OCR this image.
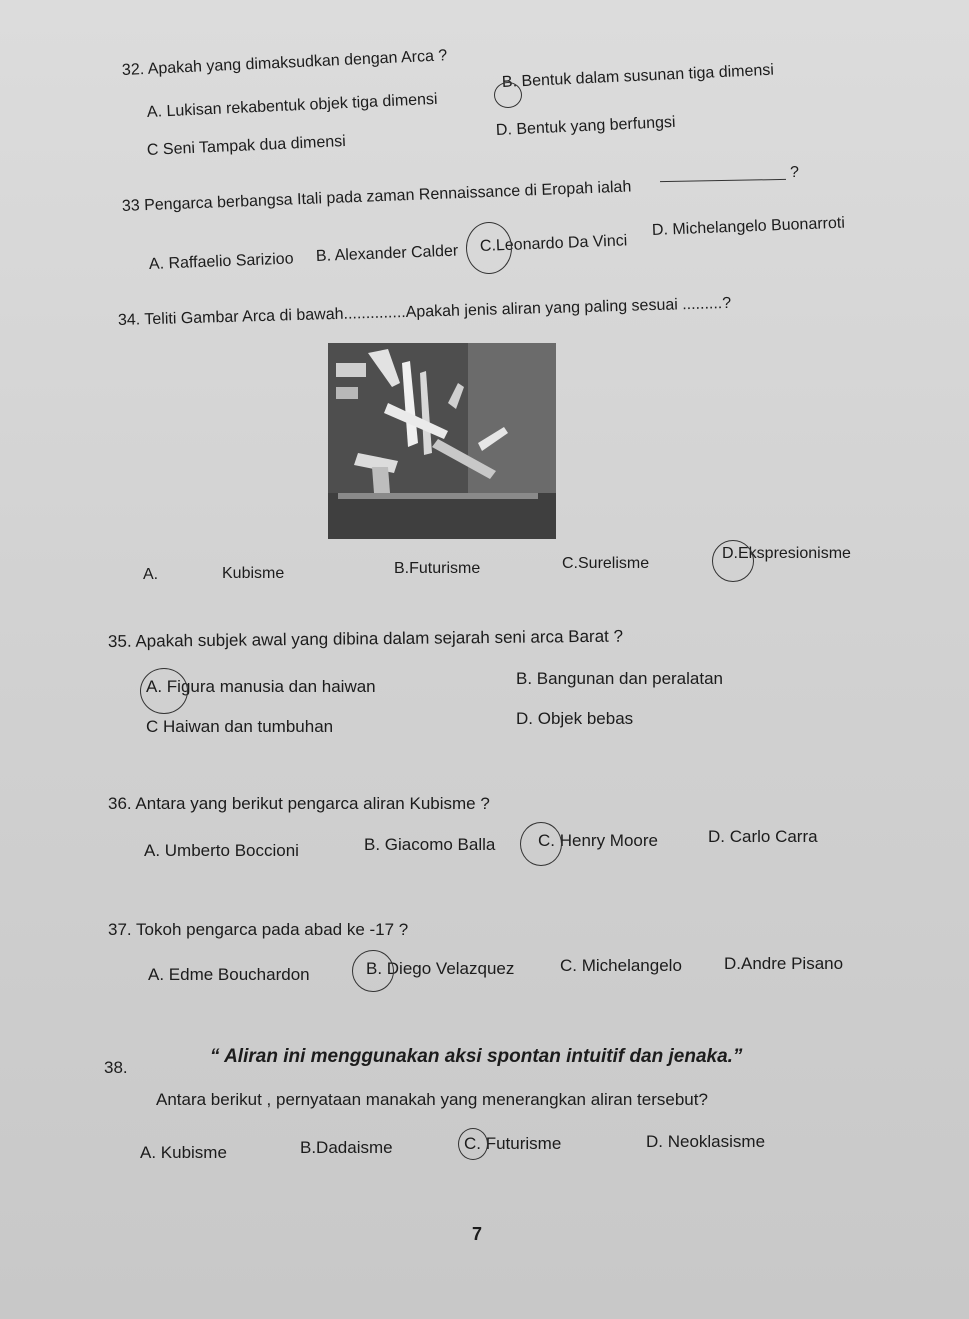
32. Apakah yang dimaksudkan dengan Arca ?
A. Lukisan rekabentuk objek tiga dimensi
B. Bentuk dalam susunan tiga dimensi
C Seni Tampak dua dimensi
D. Bentuk yang berfungsi
33 Pengarca berbangsa Itali pada zaman Rennaissance di Eropah ialah
?
A. Raffaelio Sarizioo B. Alexander Calder C.Leonardo Da Vinci
D. Michelangelo Buonarroti
34. Teliti Gambar Arca di bawah..............Apakah jenis aliran yang paling sesuai .........?
A.	Kubisme	B.Futurisme	C.Surelisme
D.Ekspresionisme
35. Apakah subjek awal yang dibina dalam sejarah seni arca Barat ?
A. Figura manusia dan haiwan	B. Bangunan dan peralatan
C Haiwan dan tumbuhan	D. Objek bebas
36. Antara yang berikut pengarca aliran Kubisme ?
A. Umberto Boccioni	B. Giacomo Balla	C. Henry Moore	D. Carlo Carra
37. Tokoh pengarca pada abad ke -17 ?
A. Edme Bouchardon	B. Diego Velazquez	C. Michelangelo D.Andre Pisano
38.
“ Aliran ini menggunakan aksi spontan intuitif dan jenaka.”
Antara berikut , pernyataan manakah yang menerangkan aliran tersebut?
A. Kubisme	B.Dadaisme	C. Futurisme	D. Neoklasisme
7
